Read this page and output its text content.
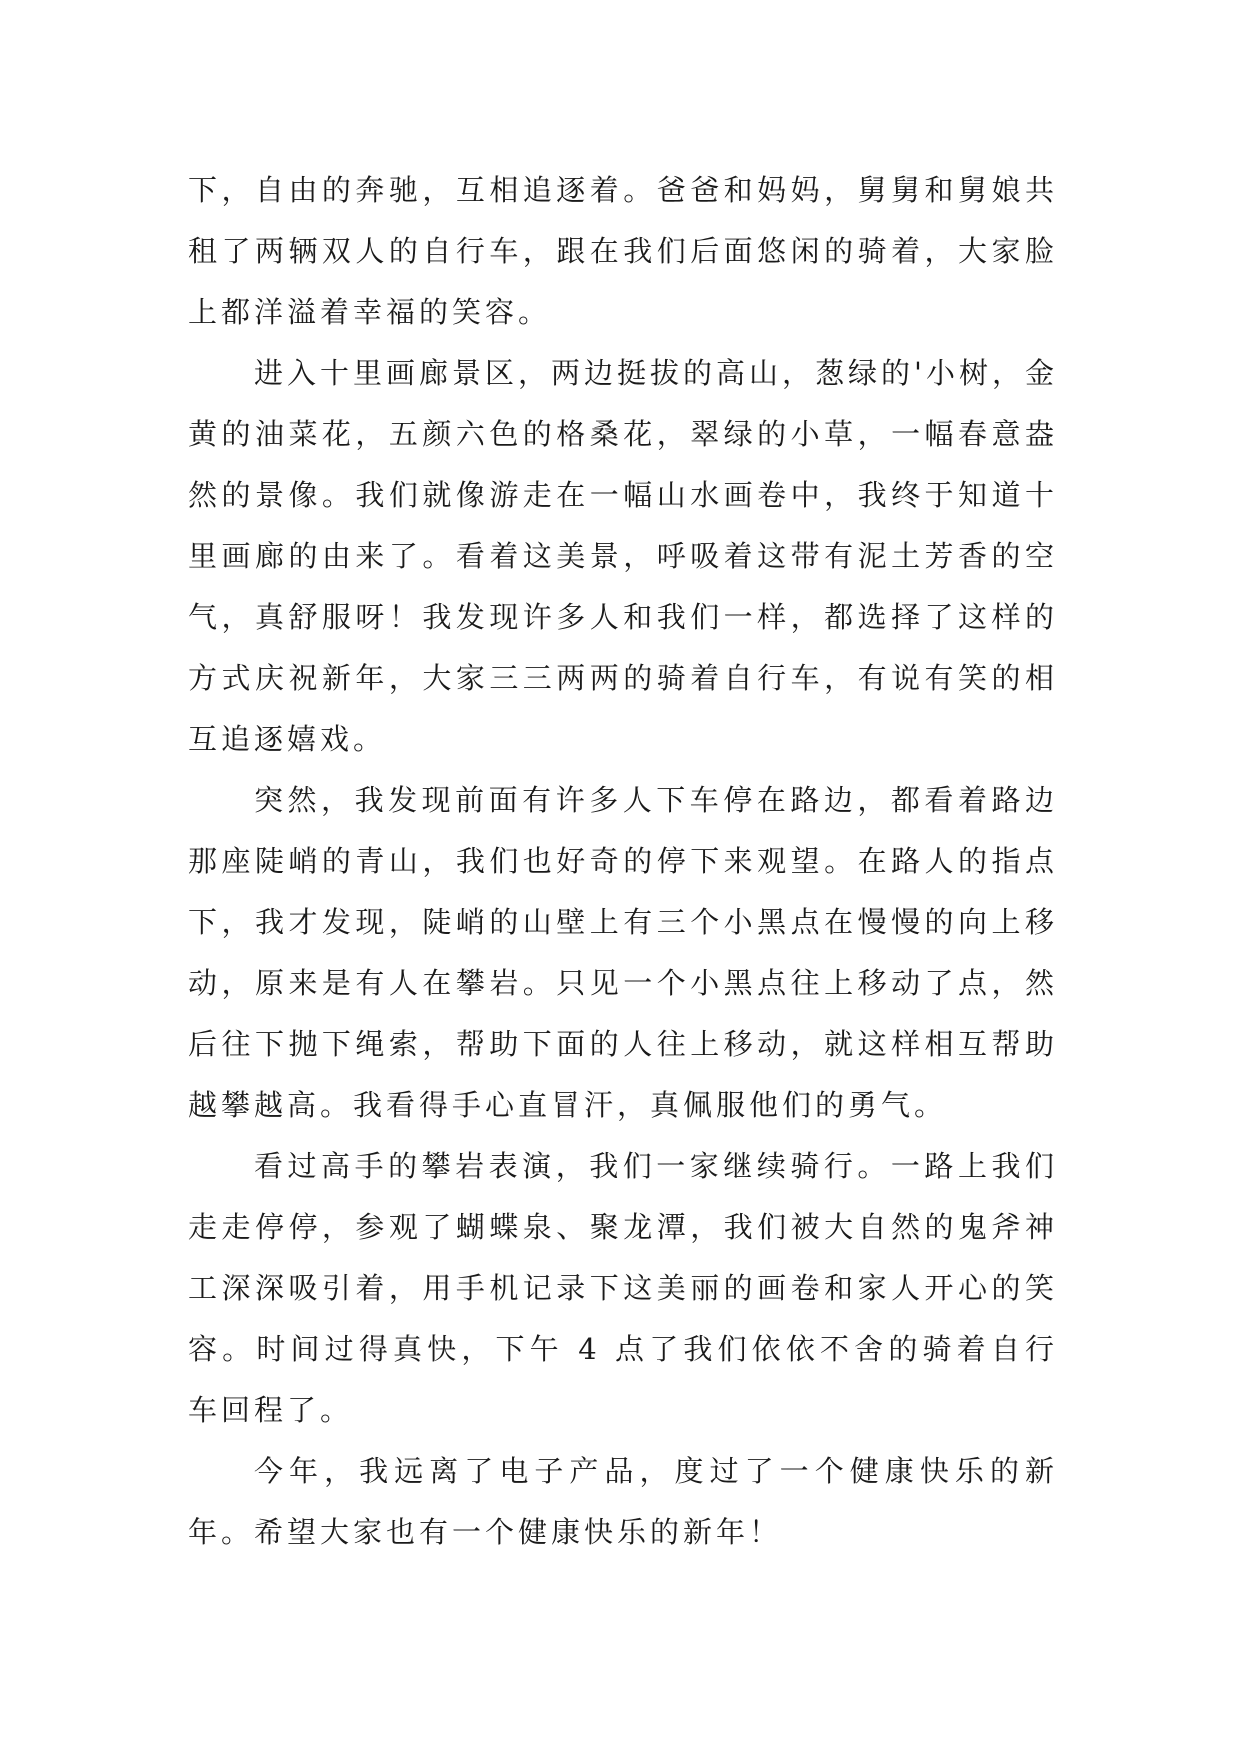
下，自由的奔驰，互相追逐着。爸爸和妈妈，舅舅和舅娘共租了两辆双人的自行车，跟在我们后面悠闲的骑着，大家脸上都洋溢着幸福的笑容。

进入十里画廊景区，两边挺拔的高山，葱绿的'小树，金黄的油菜花，五颜六色的格桑花，翠绿的小草，一幅春意盎然的景像。我们就像游走在一幅山水画卷中，我终于知道十里画廊的由来了。看着这美景，呼吸着这带有泥土芳香的空气，真舒服呀！我发现许多人和我们一样，都选择了这样的方式庆祝新年，大家三三两两的骑着自行车，有说有笑的相互追逐嬉戏。

突然，我发现前面有许多人下车停在路边，都看着路边那座陡峭的青山，我们也好奇的停下来观望。在路人的指点下，我才发现，陡峭的山壁上有三个小黑点在慢慢的向上移动，原来是有人在攀岩。只见一个小黑点往上移动了点，然后往下抛下绳索，帮助下面的人往上移动，就这样相互帮助越攀越高。我看得手心直冒汗，真佩服他们的勇气。

看过高手的攀岩表演，我们一家继续骑行。一路上我们走走停停，参观了蝴蝶泉、聚龙潭，我们被大自然的鬼斧神工深深吸引着，用手机记录下这美丽的画卷和家人开心的笑容。时间过得真快，下午 4 点了我们依依不舍的骑着自行车回程了。

今年，我远离了电子产品，度过了一个健康快乐的新年。希望大家也有一个健康快乐的新年！
